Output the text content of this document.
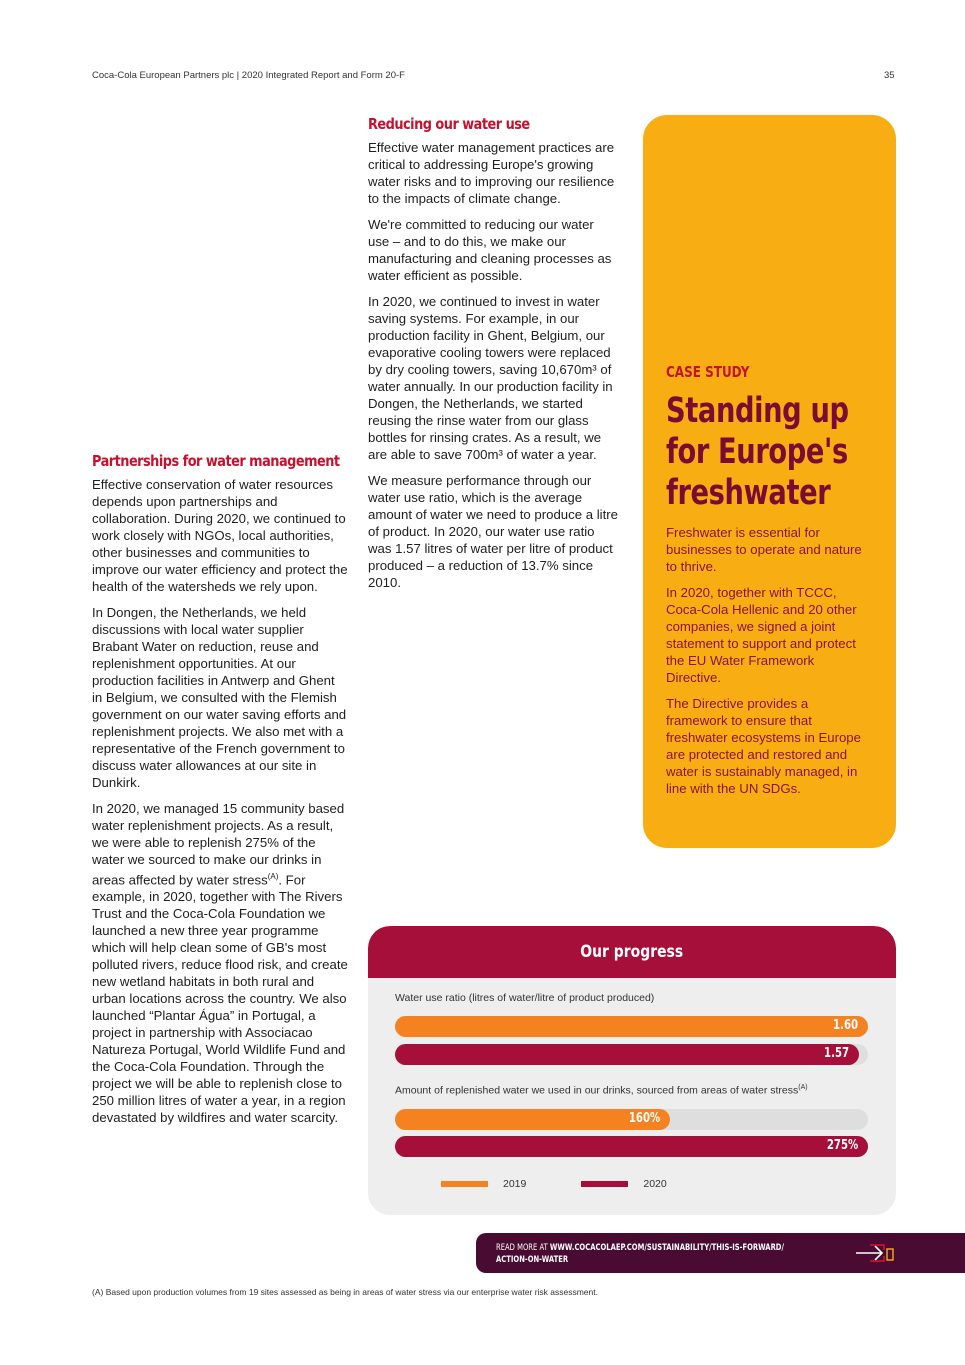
Coca-Cola European Partners plc | 2020 Integrated Report and Form 20-F	35
Partnerships for water management

Effective conservation of water resources depends upon partnerships and collaboration. During 2020, we continued to work closely with NGOs, local authorities, other businesses and communities to improve our water efficiency and protect the health of the watersheds we rely upon.

In Dongen, the Netherlands, we held discussions with local water supplier Brabant Water on reduction, reuse and replenishment opportunities. At our production facilities in Antwerp and Ghent in Belgium, we consulted with the Flemish government on our water saving efforts and replenishment projects. We also met with a representative of the French government to discuss water allowances at our site in Dunkirk.

In 2020, we managed 15 community based water replenishment projects. As a result, we were able to replenish 275% of the water we sourced to make our drinks in areas affected by water stress$^{(A)}$. For example, in 2020, together with The Rivers Trust and the Coca-Cola Foundation we launched a new three year programme which will help clean some of GB's most polluted rivers, reduce flood risk, and create new wetland habitats in both rural and urban locations across the country. We also launched “Plantar Água” in Portugal, a project in partnership with Associacao Natureza Portugal, World Wildlife Fund and the Coca-Cola Foundation. Through the project we will be able to replenish close to 250 million litres of water a year, in a region devastated by wildfires and water scarcity.

Reducing our water use

Effective water management practices are critical to addressing Europe's growing water risks and to improving our resilience to the impacts of climate change.

We're committed to reducing our water use – and to do this, we make our manufacturing and cleaning processes as water efficient as possible.

In 2020, we continued to invest in water saving systems. For example, in our production facility in Ghent, Belgium, our evaporative cooling towers were replaced by dry cooling towers, saving 10,670m³ of water annually. In our production facility in Dongen, the Netherlands, we started reusing the rinse water from our glass bottles for rinsing crates. As a result, we are able to save 700m³ of water a year.

We measure performance through our water use ratio, which is the average amount of water we need to produce a litre of product. In 2020, our water use ratio was 1.57 litres of water per litre of product produced – a reduction of 13.7% since 2010.

CASE STUDY
Standing up for Europe's freshwater

Freshwater is essential for businesses to operate and nature to thrive.

In 2020, together with TCCC, Coca-Cola Hellenic and 20 other companies, we signed a joint statement to support and protect the EU Water Framework Directive.

The Directive provides a framework to ensure that freshwater ecosystems in Europe are protected and restored and water is sustainably managed, in line with the UN SDGs.

Our progress
Water use ratio (litres of water/litre of product produced)
1.60
1.57
Amount of replenished water we used in our drinks, sourced from areas of water stress$^{(A)}$
160%
275%
2019	2020
READ MORE AT WWW.COCACOLAEP.COM/SUSTAINABILITY/THIS-IS-FORWARD/
ACTION-ON-WATER
(A) Based upon production volumes from 19 sites assessed as being in areas of water stress via our enterprise water risk assessment.
